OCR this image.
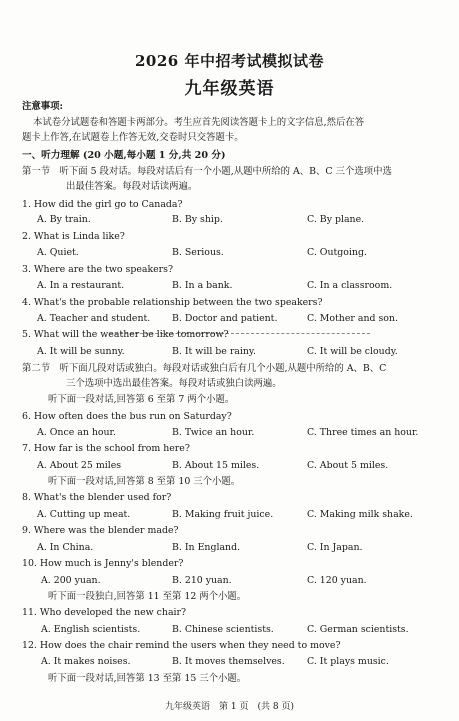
2026 年中招考试模拟试卷
九年级英语
注意事项:
本试卷分试题卷和答题卡两部分。考生应首先阅读答题卡上的文字信息,然后在答
题卡上作答,在试题卷上作答无效,交卷时只交答题卡。
一、听力理解 (20 小题,每小题 1 分,共 20 分)
第一节　听下面 5 段对话。每段对话后有一个小题,从题中所给的 A、B、C 三个选项中选
出最佳答案。每段对话读两遍。
1. How did the girl go to Canada?
A. By train.	B. By ship.	C. By plane.
2. What is Linda like?
A. Quiet.	B. Serious.	C. Outgoing.
3. Where are the two speakers?
A. In a restaurant.	B. In a bank.	C. In a classroom.
4. What's the probable relationship between the two speakers?
A. Teacher and student. B. Doctor and patient.	C. Mother and son.
5. What will the weather be like tomorrow?
A. It will be sunny.	B. It will be rainy.	C. It will be cloudy.
第二节　听下面几段对话或独白。每段对话或独白后有几个小题,从题中所给的 A、B、C
三个选项中选出最佳答案。每段对话或独白读两遍。
听下面一段对话,回答第 6 至第 7 两个小题。
6. How often does the bus run on Saturday?
A. Once an hour.	B. Twice an hour.	C. Three times an hour.
7. How far is the school from here?
A. About 25 miles	B. About 15 miles.	C. About 5 miles.
听下面一段对话,回答第 8 至第 10 三个小题。
8. What's the blender used for?
A. Cutting up meat.	B. Making fruit juice.	C. Making milk shake.
9. Where was the blender made?
A. In China.	B. In England.	C. In Japan.
10. How much is Jenny's blender?
A. 200 yuan.	B. 210 yuan.	C. 120 yuan.
听下面一段独白,回答第 11 至第 12 两个小题。
11. Who developed the new chair?
A. English scientists.	B. Chinese scientists.	C. German scientists.
12. How does the chair remind the users when they need to move?
A. It makes noises.	B. It moves themselves. C. It plays music.
听下面一段对话,回答第 13 至第 15 三个小题。
九年级英语　第 1 页　(共 8 页)
